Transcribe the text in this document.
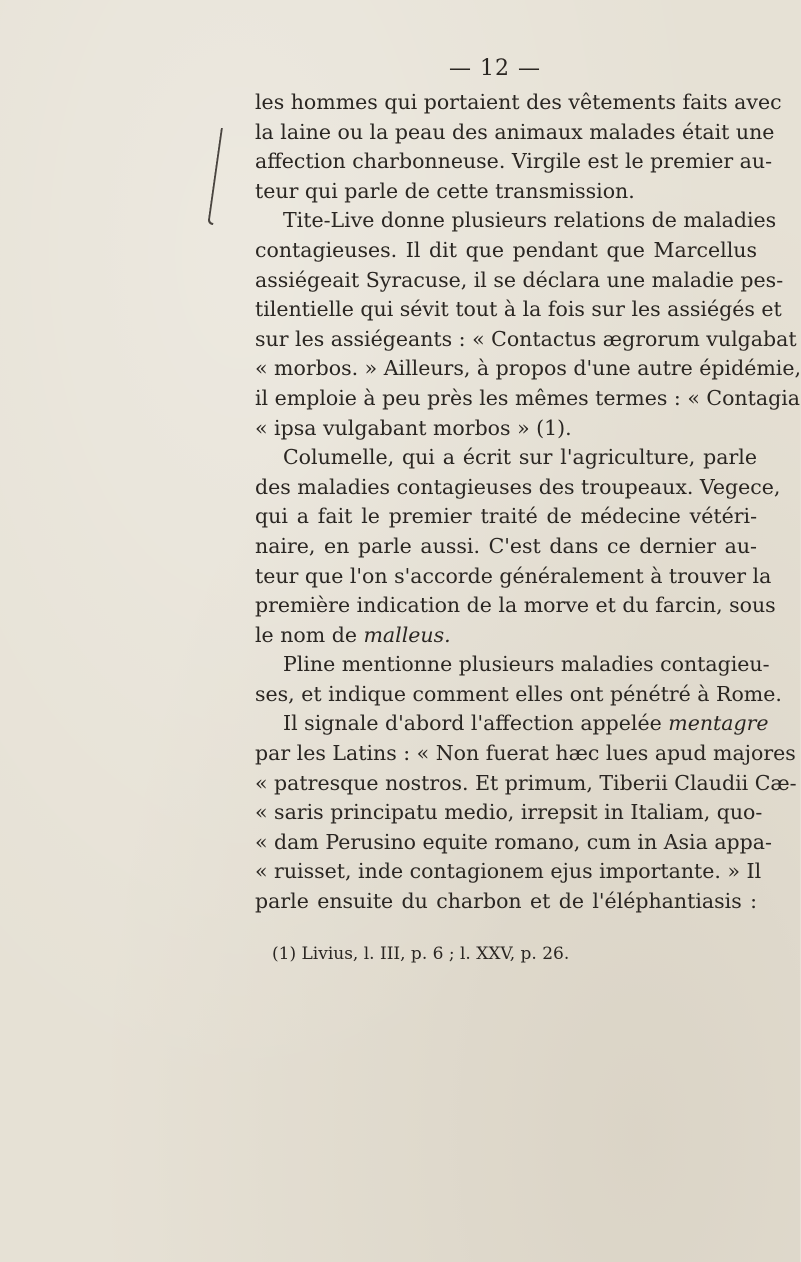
— 12 —
les hommes qui portaient des vêtements faits avec
la laine ou la peau des animaux malades était une
affection charbonneuse. Virgile est le premier au-
teur qui parle de cette transmission.
Tite-Live donne plusieurs relations de maladies
contagieuses. Il dit que pendant que Marcellus
assiégeait Syracuse, il se déclara une maladie pes-
tilentielle qui sévit tout à la fois sur les assiégés et
sur les assiégeants : « Contactus ægrorum vulgabat
« morbos. » Ailleurs, à propos d'une autre épidémie,
il emploie à peu près les mêmes termes : « Contagia
« ipsa vulgabant morbos » (1).
Columelle, qui a écrit sur l'agriculture, parle
des maladies contagieuses des troupeaux. Vegece,
qui a fait le premier traité de médecine vétéri-
naire, en parle aussi. C'est dans ce dernier au-
teur que l'on s'accorde généralement à trouver la
première indication de la morve et du farcin, sous
le nom de malleus.
Pline mentionne plusieurs maladies contagieu-
ses, et indique comment elles ont pénétré à Rome.
Il signale d'abord l'affection appelée mentagre
par les Latins : « Non fuerat hæc lues apud majores
« patresque nostros. Et primum, Tiberii Claudii Cæ-
« saris principatu medio, irrepsit in Italiam, quo-
« dam Perusino equite romano, cum in Asia appa-
« ruisset, inde contagionem ejus importante. » Il
parle ensuite du charbon et de l'éléphantiasis :
(1) Livius, l. III, p. 6 ; l. XXV, p. 26.
